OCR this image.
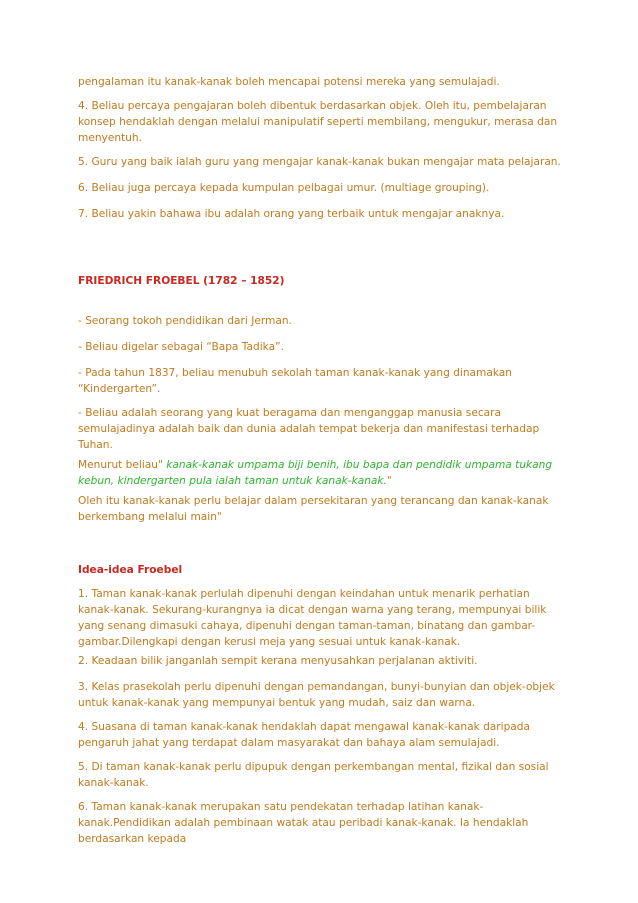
pengalaman itu kanak-kanak boleh mencapai potensi mereka yang semulajadi.

4. Beliau percaya pengajaran boleh dibentuk berdasarkan objek. Oleh itu, pembelajaran konsep hendaklah dengan melalui manipulatif seperti membilang, mengukur, merasa dan menyentuh.

5. Guru yang baik ialah guru yang mengajar kanak-kanak bukan mengajar mata pelajaran.

6. Beliau juga percaya kepada kumpulan pelbagai umur. (multiage grouping).

7. Beliau yakin bahawa ibu adalah orang yang terbaik untuk mengajar anaknya.

FRIEDRICH FROEBEL (1782 – 1852)

- Seorang tokoh pendidikan dari Jerman.

- Beliau digelar sebagai “Bapa Tadika”.

- Pada tahun 1837, beliau menubuh sekolah taman kanak-kanak yang dinamakan “Kindergarten”.

- Beliau adalah seorang yang kuat beragama dan menganggap manusia secara semulajadinya adalah baik dan dunia adalah tempat bekerja dan manifestasi terhadap Tuhan.

Menurut beliau" kanak-kanak umpama biji benih, ibu bapa dan pendidik umpama tukang kebun, kindergarten pula ialah taman untuk kanak-kanak."

Oleh itu kanak-kanak perlu belajar dalam persekitaran yang terancang dan kanak-kanak berkembang melalui main"

Idea-idea Froebel

1. Taman kanak-kanak perlulah dipenuhi dengan keindahan untuk menarik perhatian kanak-kanak. Sekurang-kurangnya ia dicat dengan warna yang terang, mempunyai bilik yang senang dimasuki cahaya, dipenuhi dengan taman-taman, binatang dan gambar-gambar.Dilengkapi dengan kerusi meja yang sesuai untuk kanak-kanak.

2. Keadaan bilik janganlah sempit kerana menyusahkan perjalanan aktiviti.

3. Kelas prasekolah perlu dipenuhi dengan pemandangan, bunyi-bunyian dan objek-objek untuk kanak-kanak yang mempunyai bentuk yang mudah, saiz dan warna.

4. Suasana di taman kanak-kanak hendaklah dapat mengawal kanak-kanak daripada pengaruh jahat yang terdapat dalam masyarakat dan bahaya alam semulajadi.

5. Di taman kanak-kanak perlu dipupuk dengan perkembangan mental, fizikal dan sosial kanak-kanak.

6. Taman kanak-kanak merupakan satu pendekatan terhadap latihan kanak-kanak.Pendidikan adalah pembinaan watak atau peribadi kanak-kanak. Ia hendaklah berdasarkan kepada
